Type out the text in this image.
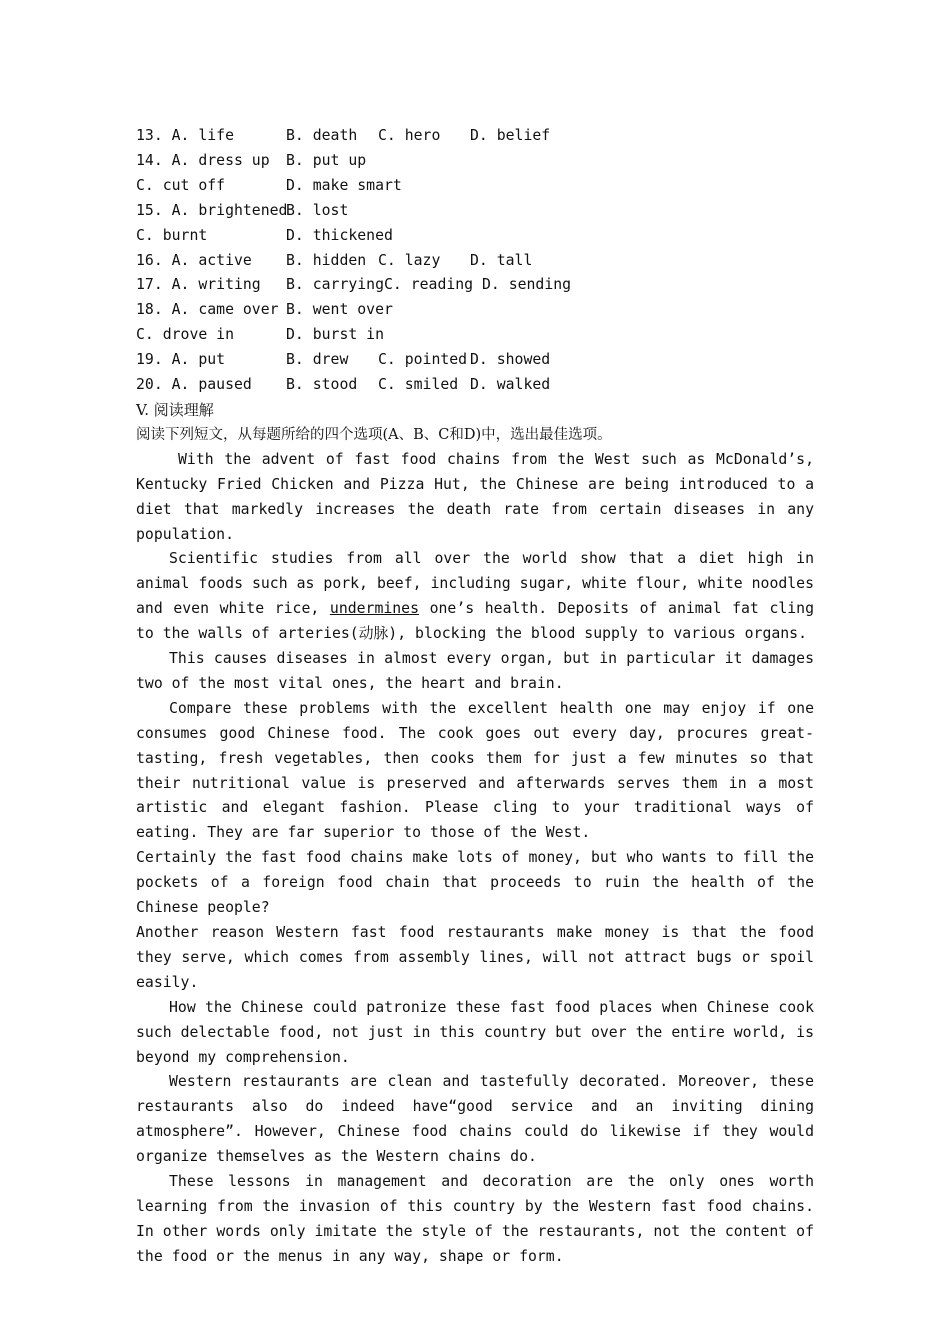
13. A. life	B. death	C. hero	D. belief
14. A. dress up	B. put up
C. cut off	D. make smart
15. A. brightened
B. lost
C. burnt	D. thickened
16. A. active	B. hidden C. lazy	D. tall
17. A. writing	B. carryingC. reading D. sending
18. A. came over B. went over
C. drove in	D. burst in
19. A. put	B. drew	C. pointed D. showed
20. A. paused	B. stood	C. smiled D. walked
V. 阅读理解
阅读下列短文，从每题所给的四个选项(A、B、C和D)中，选出最佳选项。

With the advent of fast food chains from the West such as McDonald’s, Kentucky Fried Chicken and Pizza Hut, the Chinese are being introduced to a diet that markedly increases the death rate from certain diseases in any population.

Scientific studies from all over the world show that a diet high in animal foods such as pork, beef, including sugar, white flour, white noodles and even white rice, undermines one’s health. Deposits of animal fat cling to the walls of arteries(动脉), blocking the blood supply to various organs.

This causes diseases in almost every organ, but in particular it damages two of the most vital ones, the heart and brain.

Compare these problems with the excellent health one may enjoy if one consumes good Chinese food. The cook goes out every day, procures greattasting, fresh vegetables, then cooks them for just a few minutes so that their nutritional value is preserved and afterwards serves them in a most artistic and elegant fashion. Please cling to your traditional ways of eating. They are far superior to those of the West.

Certainly the fast food chains make lots of money, but who wants to fill the pockets of a foreign food chain that proceeds to ruin the health of the Chinese people?

Another reason Western fast food restaurants make money is that the food they serve, which comes from assembly lines, will not attract bugs or spoil easily.

How the Chinese could patronize these fast food places when Chinese cook such delectable food, not just in this country but over the entire world, is beyond my comprehension.

Western restaurants are clean and tastefully decorated. Moreover, these restaurants also do indeed have“good service and an inviting dining atmosphere”. However, Chinese food chains could do likewise if they would organize themselves as the Western chains do.

These lessons in management and decoration are the only ones worth learning from the invasion of this country by the Western fast food chains. In other words only imitate the style of the restaurants, not the content of the food or the menus in any way, shape or form.
